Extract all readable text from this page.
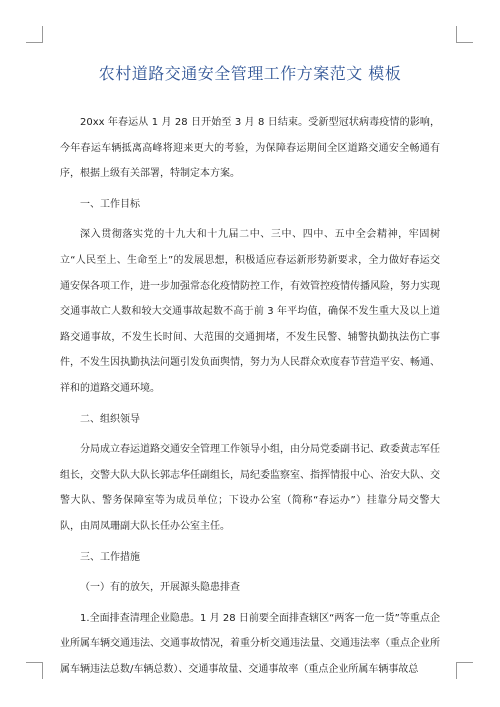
农村道路交通安全管理工作方案范文 模板

20xx 年春运从 1 月 28 日开始至 3 月 8 日结束。受新型冠状病毒疫情的影响，今年春运车辆抵离高峰将迎来更大的考验，为保障春运期间全区道路交通安全畅通有序，根据上级有关部署，特制定本方案。

一、工作目标

深入贯彻落实党的十九大和十九届二中、三中、四中、五中全会精神，牢固树立“人民至上、生命至上”的发展思想，积极适应春运新形势新要求，全力做好春运交通安保各项工作，进一步加强常态化疫情防控工作，有效管控疫情传播风险，努力实现交通事故亡人数和较大交通事故起数不高于前 3 年平均值，确保不发生重大及以上道路交通事故，不发生长时间、大范围的交通拥堵，不发生民警、辅警执勤执法伤亡事件，不发生因执勤执法问题引发负面舆情，努力为人民群众欢度春节营造平安、畅通、祥和的道路交通环境。

二、组织领导

分局成立春运道路交通安全管理工作领导小组，由分局党委副书记、政委黄志军任组长，交警大队大队长郭志华任副组长，局纪委监察室、指挥情报中心、治安大队、交警大队、警务保障室等为成员单位；下设办公室（简称“春运办”）挂靠分局交警大队，由周凤珊副大队长任办公室主任。

三、工作措施

（一）有的放矢，开展源头隐患排查

1.全面排查清理企业隐患。1 月 28 日前要全面排查辖区“两客一危一货”等重点企业所属车辆交通违法、交通事故情况，着重分析交通违法量、交通违法率（重点企业所属车辆违法总数/车辆总数）、交通事故量、交通事故率（重点企业所属车辆事故总
